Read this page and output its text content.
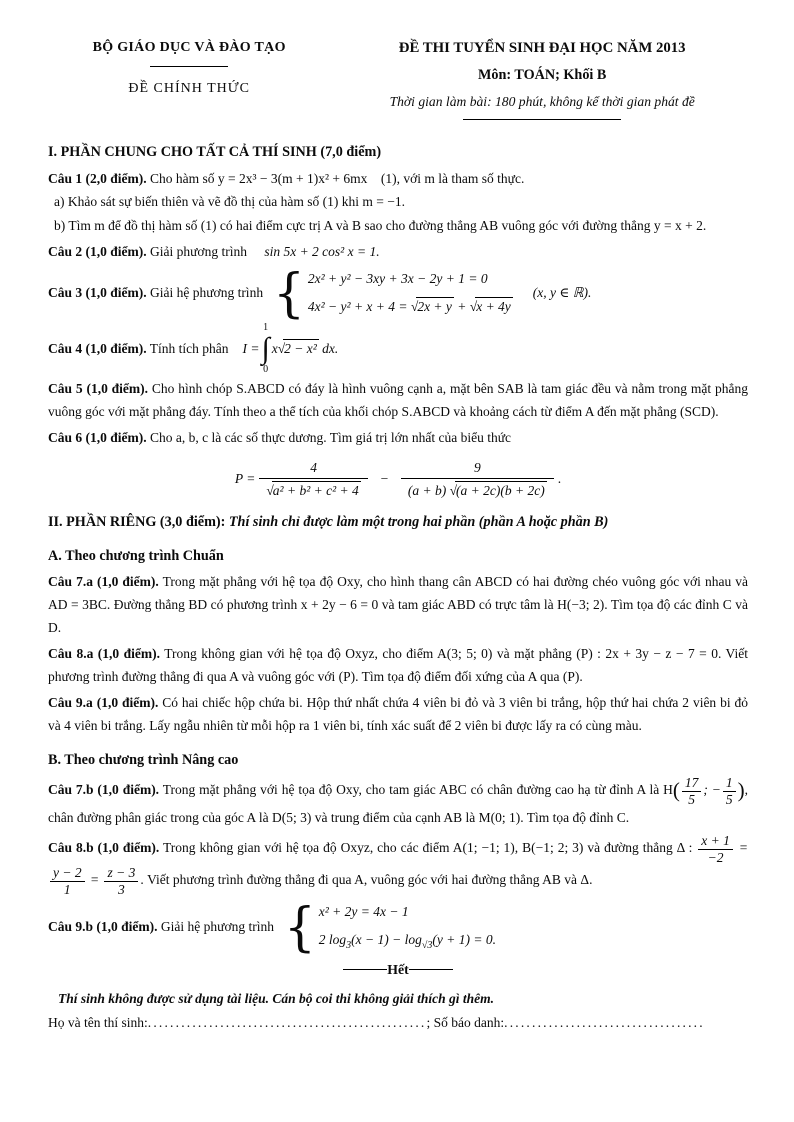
BỘ GIÁO DỤC VÀ ĐÀO TẠO
ĐỀ CHÍNH THỨC
ĐỀ THI TUYỂN SINH ĐẠI HỌC NĂM 2013
Môn: TOÁN; Khối B
Thời gian làm bài: 180 phút, không kể thời gian phát đề
I. PHẦN CHUNG CHO TẤT CẢ THÍ SINH (7,0 điểm)
Câu 1 (2,0 điểm). Cho hàm số y = 2x³ − 3(m + 1)x² + 6mx  (1), với m là tham số thực.
a) Khảo sát sự biến thiên và vẽ đồ thị của hàm số (1) khi m = −1.
b) Tìm m để đồ thị hàm số (1) có hai điểm cực trị A và B sao cho đường thẳng AB vuông góc với đường thẳng y = x + 2.
Câu 2 (1,0 điểm). Giải phương trình sin 5x + 2 cos² x = 1.
Câu 3 (1,0 điểm). Giải hệ phương trình { 2x² + y² − 3xy + 3x − 2y + 1 = 0
4x² − y² + x + 4 = √2x + y + √x + 4y
(x, y ∈ ℝ).
Câu 4 (1,0 điểm). Tính tích phân I =
1
∫
0
x√2 − x² dx.
Câu 5 (1,0 điểm). Cho hình chóp S.ABCD có đáy là hình vuông cạnh a, mặt bên SAB là tam giác đều và nằm trong mặt phẳng vuông góc với mặt phẳng đáy. Tính theo a thể tích của khối chóp S.ABCD và khoảng cách từ điểm A đến mặt phẳng (SCD).
Câu 6 (1,0 điểm). Cho a, b, c là các số thực dương. Tìm giá trị lớn nhất của biểu thức
$P = \frac{4}{\text{√a² + b² + c² + 4}} - \frac{9}{(a + b) √(a + 2c)(b + 2c)}$ .
II. PHẦN RIÊNG (3,0 điểm): Thí sinh chỉ được làm một trong hai phần (phần A hoặc phần B)
A. Theo chương trình Chuẩn
Câu 7.a (1,0 điểm). Trong mặt phẳng với hệ tọa độ Oxy, cho hình thang cân ABCD có hai đường chéo vuông góc với nhau và AD = 3BC. Đường thẳng BD có phương trình x + 2y − 6 = 0 và tam giác ABD có trực tâm là H(−3; 2). Tìm tọa độ các đỉnh C và D.
Câu 8.a (1,0 điểm). Trong không gian với hệ tọa độ Oxyz, cho điểm A(3; 5; 0) và mặt phẳng (P) : 2x + 3y − z − 7 = 0. Viết phương trình đường thẳng đi qua A và vuông góc với (P). Tìm tọa độ điểm đối xứng của A qua (P).
Câu 9.a (1,0 điểm). Có hai chiếc hộp chứa bi. Hộp thứ nhất chứa 4 viên bi đỏ và 3 viên bi trắng, hộp thứ hai chứa 2 viên bi đỏ và 4 viên bi trắng. Lấy ngẫu nhiên từ mỗi hộp ra 1 viên bi, tính xác suất để 2 viên bi được lấy ra có cùng màu.
B. Theo chương trình Nâng cao
Câu 7.b (1,0 điểm). Trong mặt phẳng với hệ tọa độ Oxy, cho tam giác ABC có chân đường cao hạ từ đỉnh A là $H( \frac{17}{5}$ ; − $\frac{1}{5}$ ), chân đường phân giác trong của góc A là D(5; 3) và trung điểm của cạnh AB là M(0; 1). Tìm tọa độ đỉnh C.
Câu 8.b (1,0 điểm). Trong không gian với hệ tọa độ Oxyz, cho các điểm A(1; −1; 1), B(−1; 2; 3) và đường thẳng Δ : $\frac{x + 1}{-2}$ =
$\frac{y - 2}{1} = \frac{z - 3}{3}$ . Viết phương trình đường thẳng đi qua A, vuông góc với hai đường thẳng AB và Δ.
Câu 9.b (1,0 điểm). Giải hệ phương trình { x² + 2y = 4x − 1
2 $\log_3(x - 1) - \log_{√3}(y + 1) = 0$.
Hết
Thí sinh không được sử dụng tài liệu. Cán bộ coi thi không giải thích gì thêm.
Họ và tên thí sinh:..................................................; Số báo danh:....................................
